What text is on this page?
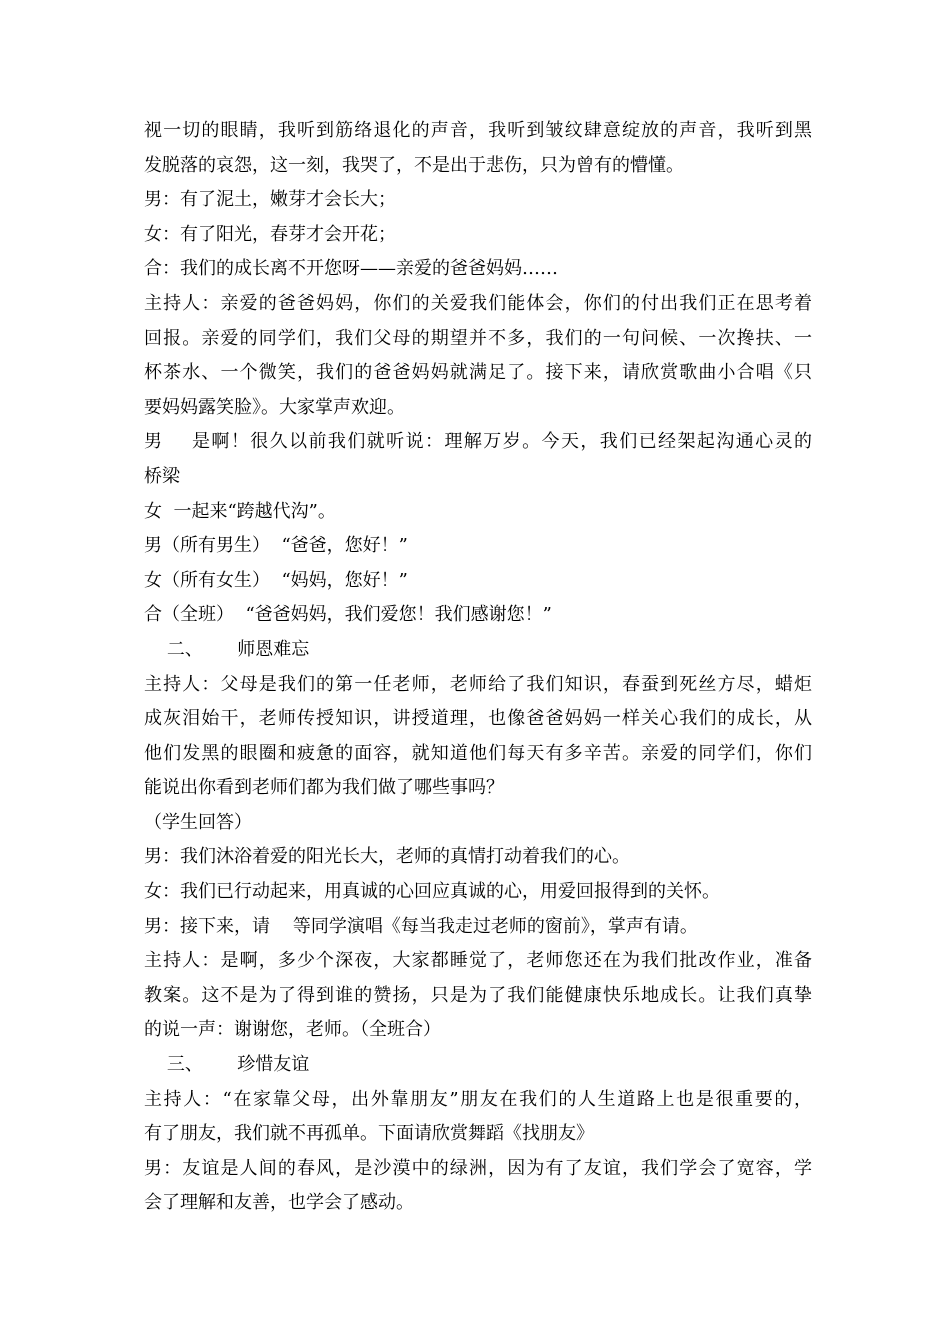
视一切的眼睛，我听到筋络退化的声音，我听到皱纹肆意绽放的声音，我听到黑
发脱落的哀怨，这一刻，我哭了，不是出于悲伤，只为曾有的懵懂。
男：有了泥土，嫩芽才会长大；
女：有了阳光，春芽才会开花；
合：我们的成长离不开您呀——亲爱的爸爸妈妈……
主持人：亲爱的爸爸妈妈，你们的关爱我们能体会，你们的付出我们正在思考着
回报。亲爱的同学们，我们父母的期望并不多，我们的一句问候、一次搀扶、一
杯茶水、一个微笑，我们的爸爸妈妈就满足了。接下来，请欣赏歌曲小合唱《只
要妈妈露笑脸》。大家掌声欢迎。
男    是啊！很久以前我们就听说：理解万岁。今天，我们已经架起沟通心灵的
桥梁
女  一起来“跨越代沟”。
男（所有男生）  “爸爸，您好！”
女（所有女生）  “妈妈，您好！”
合（全班）  “爸爸妈妈，我们爱您！我们感谢您！”
二、      师恩难忘
主持人：父母是我们的第一任老师，老师给了我们知识，春蚕到死丝方尽，蜡炬
成灰泪始干，老师传授知识，讲授道理，也像爸爸妈妈一样关心我们的成长，从
他们发黑的眼圈和疲惫的面容，就知道他们每天有多辛苦。亲爱的同学们，你们
能说出你看到老师们都为我们做了哪些事吗？
（学生回答）
男：我们沐浴着爱的阳光长大，老师的真情打动着我们的心。
女：我们已行动起来，用真诚的心回应真诚的心，用爱回报得到的关怀。
男：接下来，请    等同学演唱《每当我走过老师的窗前》，掌声有请。
主持人：是啊，多少个深夜，大家都睡觉了，老师您还在为我们批改作业，准备
教案。这不是为了得到谁的赞扬，只是为了我们能健康快乐地成长。让我们真挚
的说一声：谢谢您，老师。（全班合）
三、      珍惜友谊
主持人：“在家靠父母，出外靠朋友”朋友在我们的人生道路上也是很重要的，
有了朋友，我们就不再孤单。下面请欣赏舞蹈《找朋友》
男：友谊是人间的春风，是沙漠中的绿洲，因为有了友谊，我们学会了宽容，学
会了理解和友善，也学会了感动。
